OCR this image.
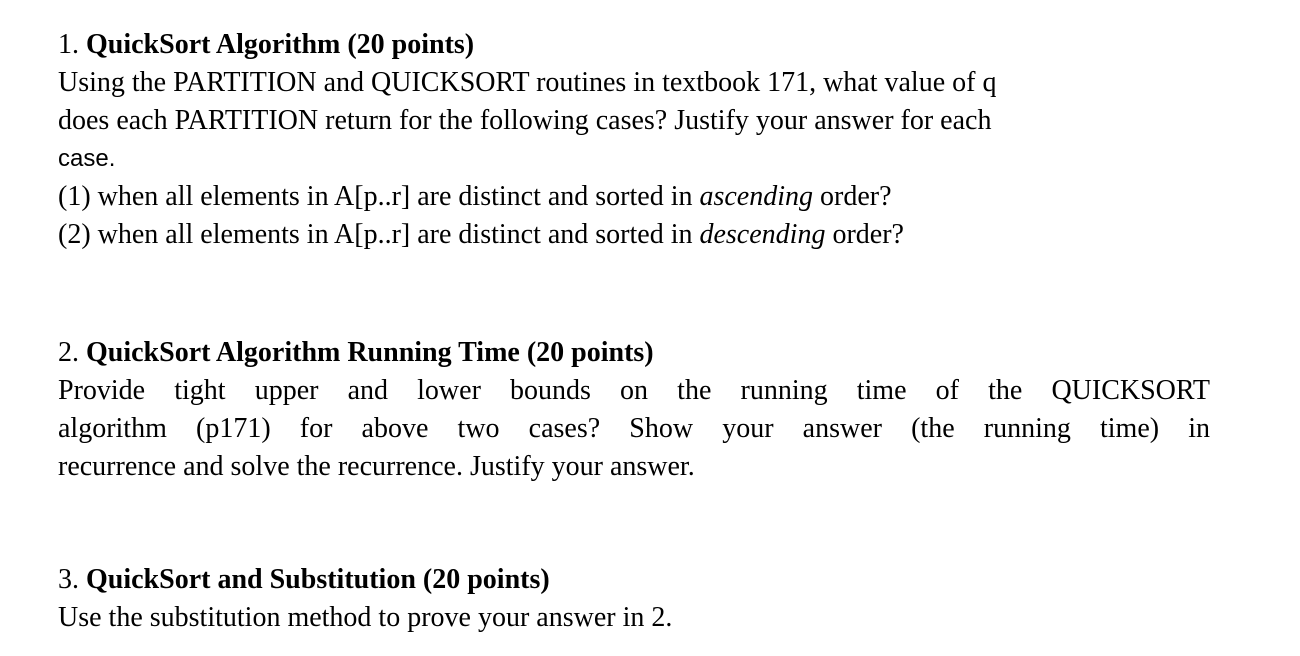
1. QuickSort Algorithm (20 points)
Using the PARTITION and QUICKSORT routines in textbook 171, what value of q
does each PARTITION return for the following cases? Justify your answer for each
case.
(1) when all elements in A[p..r] are distinct and sorted in ascending order?
(2) when all elements in A[p..r] are distinct and sorted in descending order?
2. QuickSort Algorithm Running Time (20 points)
Provide tight upper and lower bounds on the running time of the QUICKSORT
algorithm (p171) for above two cases? Show your answer (the running time) in
recurrence and solve the recurrence. Justify your answer.
3. QuickSort and Substitution (20 points)
Use the substitution method to prove your answer in 2.
